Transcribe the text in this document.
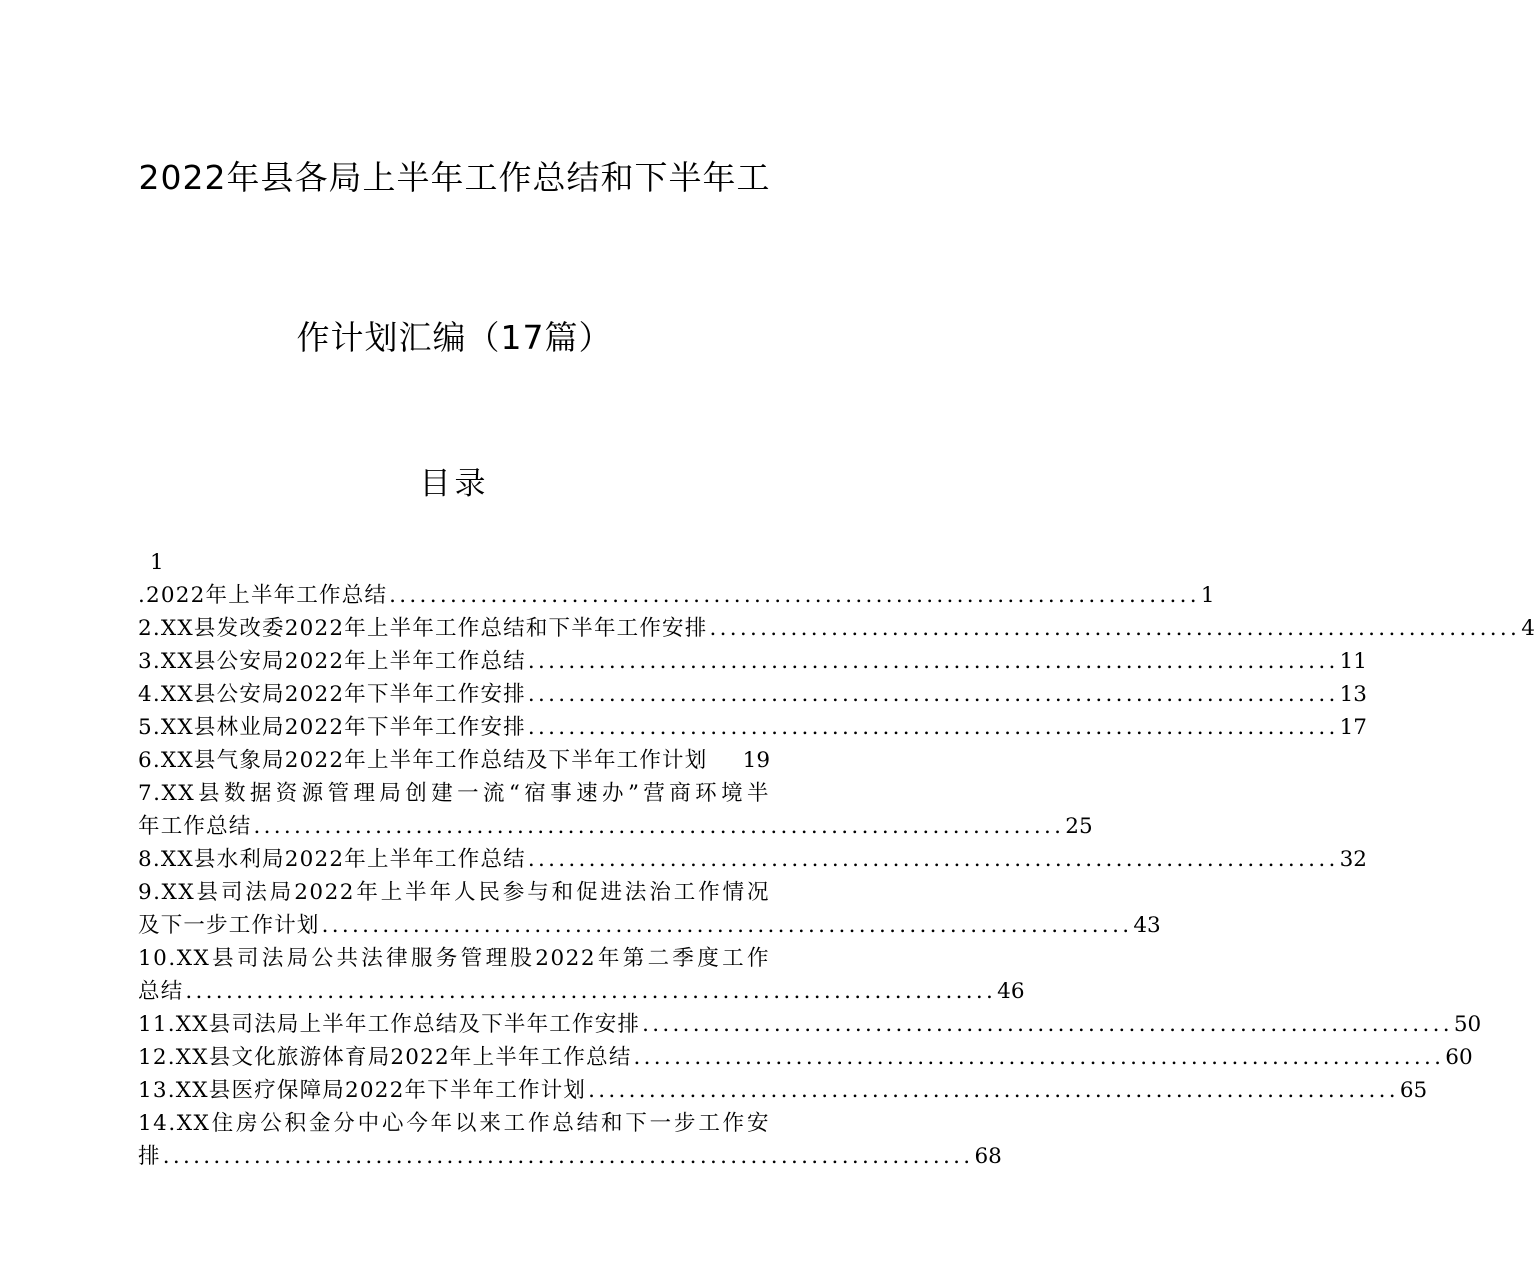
2022年县各局上半年工作总结和下半年工
作计划汇编（17篇）
目录
1
.2022年上半年工作总结 ................................................................................ 1
2.XX县发改委2022年上半年工作总结和下半年工作安排 ................................................................................ 4
3.XX县公安局2022年上半年工作总结 ................................................................................ 11
4.XX县公安局2022年下半年工作安排 ................................................................................ 13
5.XX县林业局2022年下半年工作安排 ................................................................................ 17
6.XX县气象局2022年上半年工作总结及下半年工作计划 19
7.XX县数据资源管理局创建一流“宿事速办”营商环境半
年工作总结 ................................................................................ 25
8.XX县水利局2022年上半年工作总结 ................................................................................ 32
9.XX县司法局2022年上半年人民参与和促进法治工作情况
及下一步工作计划 ................................................................................ 43
10.XX县司法局公共法律服务管理股2022年第二季度工作
总结 ................................................................................ 46
11.XX县司法局上半年工作总结及下半年工作安排 ................................................................................ 50
12.XX县文化旅游体育局2022年上半年工作总结 ................................................................................ 60
13.XX县医疗保障局2022年下半年工作计划 ................................................................................ 65
14.XX住房公积金分中心今年以来工作总结和下一步工作安
排 ................................................................................ 68
